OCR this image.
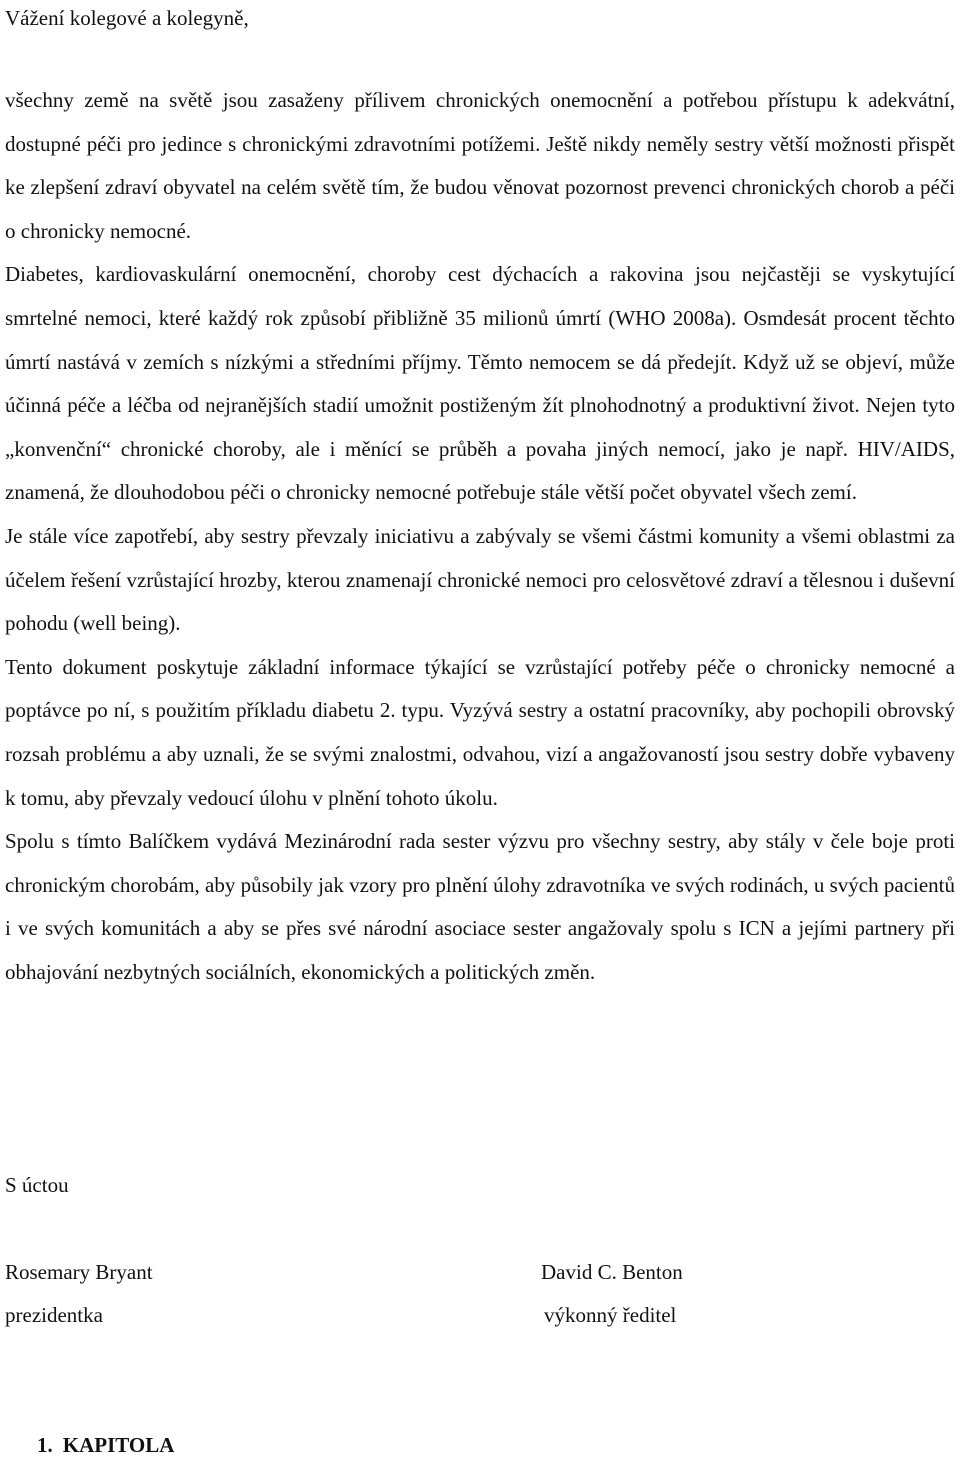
Vážení kolegové a kolegyně,

všechny země na světě jsou zasaženy přílivem chronických onemocnění a potřebou přístupu k adekvátní, dostupné péči pro jedince s chronickými zdravotními potížemi. Ještě nikdy neměly sestry větší možnosti přispět ke zlepšení zdraví obyvatel na celém světě tím, že budou věnovat pozornost prevenci chronických chorob a péči o chronicky nemocné.

Diabetes, kardiovaskulární onemocnění, choroby cest dýchacích a rakovina jsou nejčastěji se vyskytující smrtelné nemoci, které každý rok způsobí přibližně 35 milionů úmrtí (WHO 2008a). Osmdesát procent těchto úmrtí nastává v zemích s nízkými a středními příjmy. Těmto nemocem se dá předejít. Když už se objeví, může účinná péče a léčba od nejranějších stadií umožnit postiženým žít plnohodnotný a produktivní život. Nejen tyto „konvenční“ chronické choroby, ale i měnící se průběh a povaha jiných nemocí, jako je např. HIV/AIDS, znamená, že dlouhodobou péči o chronicky nemocné potřebuje stále větší počet obyvatel všech zemí.

Je stále více zapotřebí, aby sestry převzaly iniciativu a zabývaly se všemi částmi komunity a všemi oblastmi za účelem řešení vzrůstající hrozby, kterou znamenají chronické nemoci pro celosvětové zdraví a tělesnou i duševní pohodu (well being).

Tento dokument poskytuje základní informace týkající se vzrůstající potřeby péče o chronicky nemocné a poptávce po ní, s použitím příkladu diabetu 2. typu. Vyzývá sestry a ostatní pracovníky, aby pochopili obrovský rozsah problému a aby uznali, že se svými znalostmi, odvahou, vizí a angažovaností jsou sestry dobře vybaveny k tomu, aby převzaly vedoucí úlohu v plnění tohoto úkolu.

Spolu s tímto Balíčkem vydává Mezinárodní rada sester výzvu pro všechny sestry, aby stály v čele boje proti chronickým chorobám, aby působily jak vzory pro plnění úlohy zdravotníka ve svých rodinách, u svých pacientů i ve svých komunitách a aby se přes své národní asociace sester angažovaly spolu s ICN a jejími partnery při obhajování nezbytných sociálních, ekonomických a politických změn.

S úctou
Rosemary Bryant
prezidentka
David C. Benton
výkonný ředitel
1. KAPITOLA
